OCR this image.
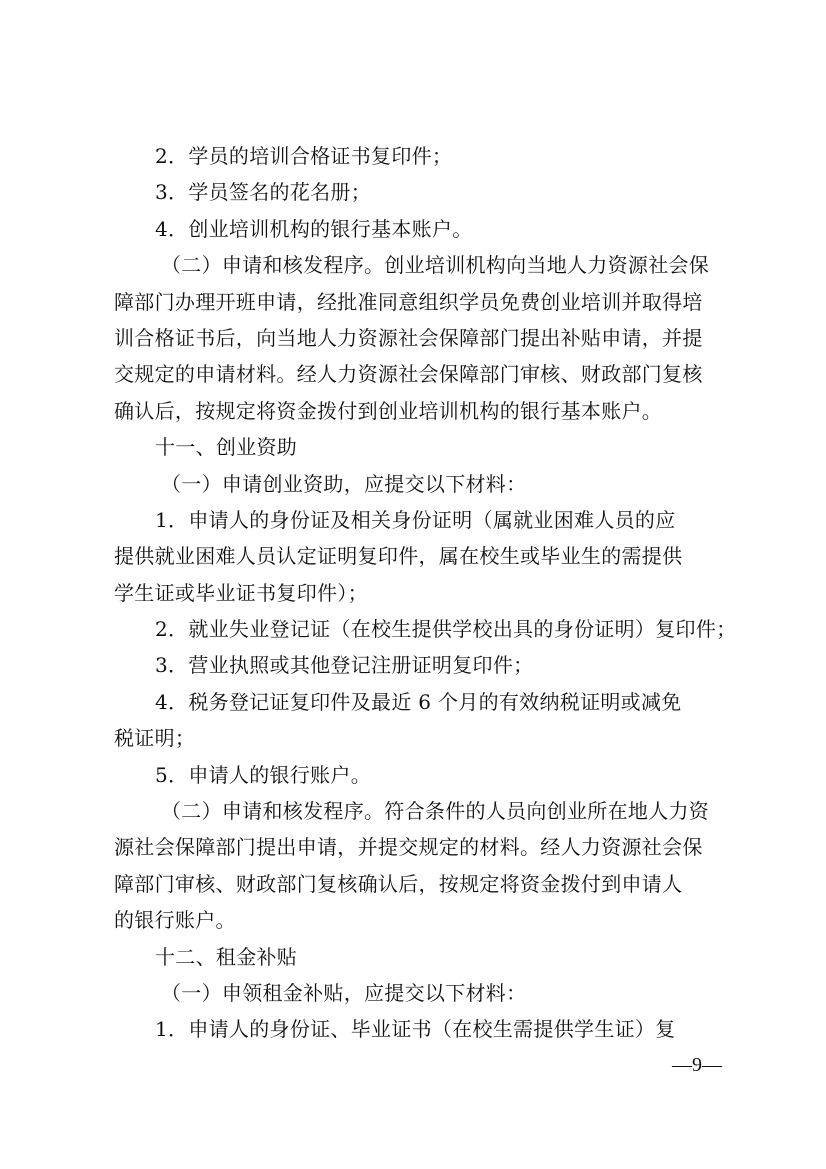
2．学员的培训合格证书复印件；
3．学员签名的花名册；
4．创业培训机构的银行基本账户。
（二）申请和核发程序。创业培训机构向当地人力资源社会保
障部门办理开班申请，经批准同意组织学员免费创业培训并取得培
训合格证书后，向当地人力资源社会保障部门提出补贴申请，并提
交规定的申请材料。经人力资源社会保障部门审核、财政部门复核
确认后，按规定将资金拨付到创业培训机构的银行基本账户。
十一、创业资助
（一）申请创业资助，应提交以下材料：
1．申请人的身份证及相关身份证明（属就业困难人员的应
提供就业困难人员认定证明复印件，属在校生或毕业生的需提供
学生证或毕业证书复印件）；
2．就业失业登记证（在校生提供学校出具的身份证明）复印件；
3．营业执照或其他登记注册证明复印件；
4．税务登记证复印件及最近 6 个月的有效纳税证明或减免
税证明；
5．申请人的银行账户。
（二）申请和核发程序。符合条件的人员向创业所在地人力资
源社会保障部门提出申请，并提交规定的材料。经人力资源社会保
障部门审核、财政部门复核确认后，按规定将资金拨付到申请人
的银行账户。
十二、租金补贴
（一）申领租金补贴，应提交以下材料：
1．申请人的身份证、毕业证书（在校生需提供学生证）复
—9—
